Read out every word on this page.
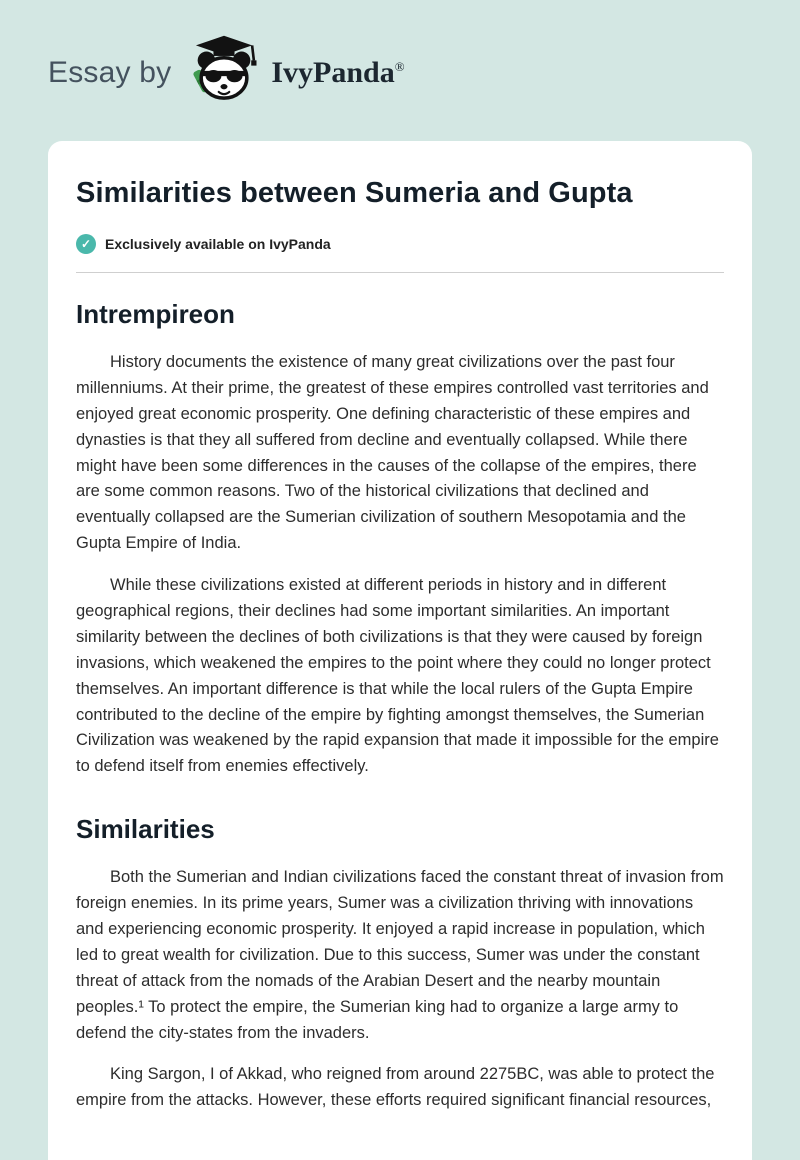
Essay by	IvyPanda®
Similarities between Sumeria and Gupta
✓ Exclusively available on IvyPanda
Intrempireon

History documents the existence of many great civilizations over the past four millenniums. At their prime, the greatest of these empires controlled vast territories and enjoyed great economic prosperity. One defining characteristic of these empires and dynasties is that they all suffered from decline and eventually collapsed. While there might have been some differences in the causes of the collapse of the empires, there are some common reasons. Two of the historical civilizations that declined and eventually collapsed are the Sumerian civilization of southern Mesopotamia and the Gupta Empire of India.

While these civilizations existed at different periods in history and in different geographical regions, their declines had some important similarities. An important similarity between the declines of both civilizations is that they were caused by foreign invasions, which weakened the empires to the point where they could no longer protect themselves. An important difference is that while the local rulers of the Gupta Empire contributed to the decline of the empire by fighting amongst themselves, the Sumerian Civilization was weakened by the rapid expansion that made it impossible for the empire to defend itself from enemies effectively.

Similarities

Both the Sumerian and Indian civilizations faced the constant threat of invasion from foreign enemies. In its prime years, Sumer was a civilization thriving with innovations and experiencing economic prosperity. It enjoyed a rapid increase in population, which led to great wealth for civilization. Due to this success, Sumer was under the constant threat of attack from the nomads of the Arabian Desert and the nearby mountain peoples.¹ To protect the empire, the Sumerian king had to organize a large army to defend the city-states from the invaders.

King Sargon, I of Akkad, who reigned from around 2275BC, was able to protect the empire from the attacks. However, these efforts required significant financial resources,
